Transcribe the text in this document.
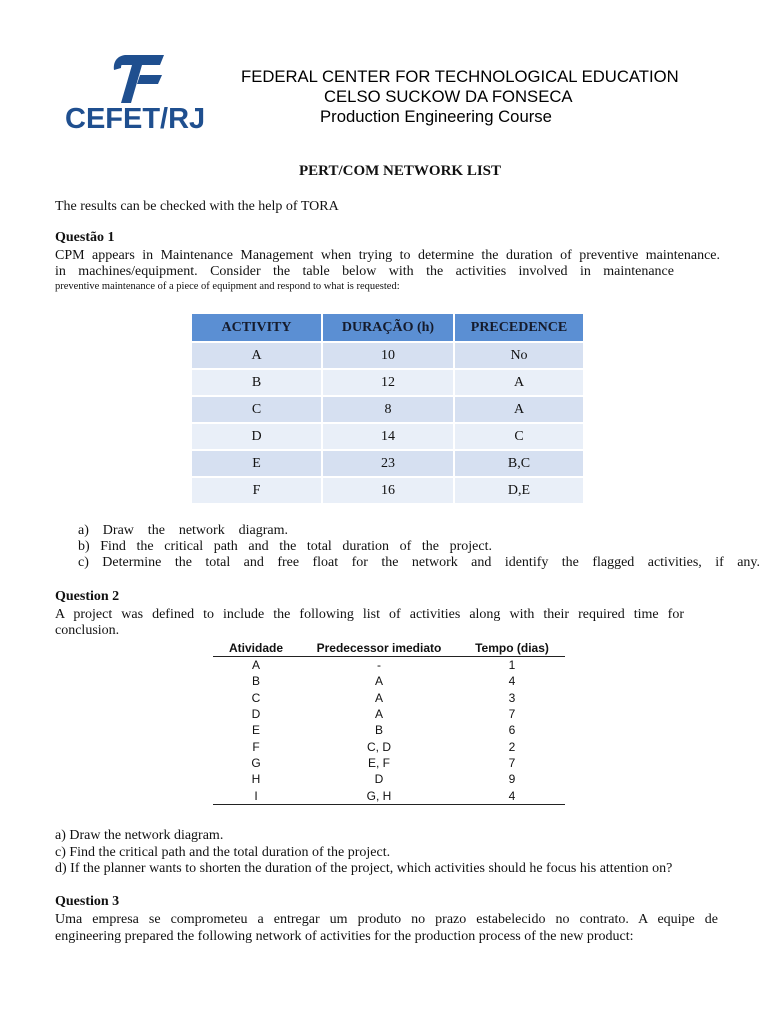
CEFET/RJ
FEDERAL CENTER FOR TECHNOLOGICAL EDUCATION
CELSO SUCKOW DA FONSECA
Production Engineering Course
PERT/COM NETWORK LIST
The results can be checked with the help of TORA
Questão 1
CPM appears in Maintenance Management when trying to determine the duration of preventive maintenance.
in machines/equipment. Consider the table below with the activities involved in maintenance
preventive maintenance of a piece of equipment and respond to what is requested:
ACTIVITY	DURAÇÃO (h)	PRECEDENCE
A	10	No
B	12	A
C	8	A
D	14	C
E	23	B,C
F	16	D,E
a) Draw the network diagram.
b) Find the critical path and the total duration of the project.
c) Determine the total and free float for the network and identify the flagged activities, if any.
Question 2
A project was defined to include the following list of activities along with their required time for
conclusion.
Atividade	Predecessor imediato	Tempo (dias)
A	-	1
B	A	4
C	A	3
D	A	7
E	B	6
F	C, D	2
G	E, F	7
H	D	9
I	G, H	4
a) Draw the network diagram.
c) Find the critical path and the total duration of the project.
d) If the planner wants to shorten the duration of the project, which activities should he focus his attention on?
Question 3
Uma empresa se comprometeu a entregar um produto no prazo estabelecido no contrato. A equipe de
engineering prepared the following network of activities for the production process of the new product:
